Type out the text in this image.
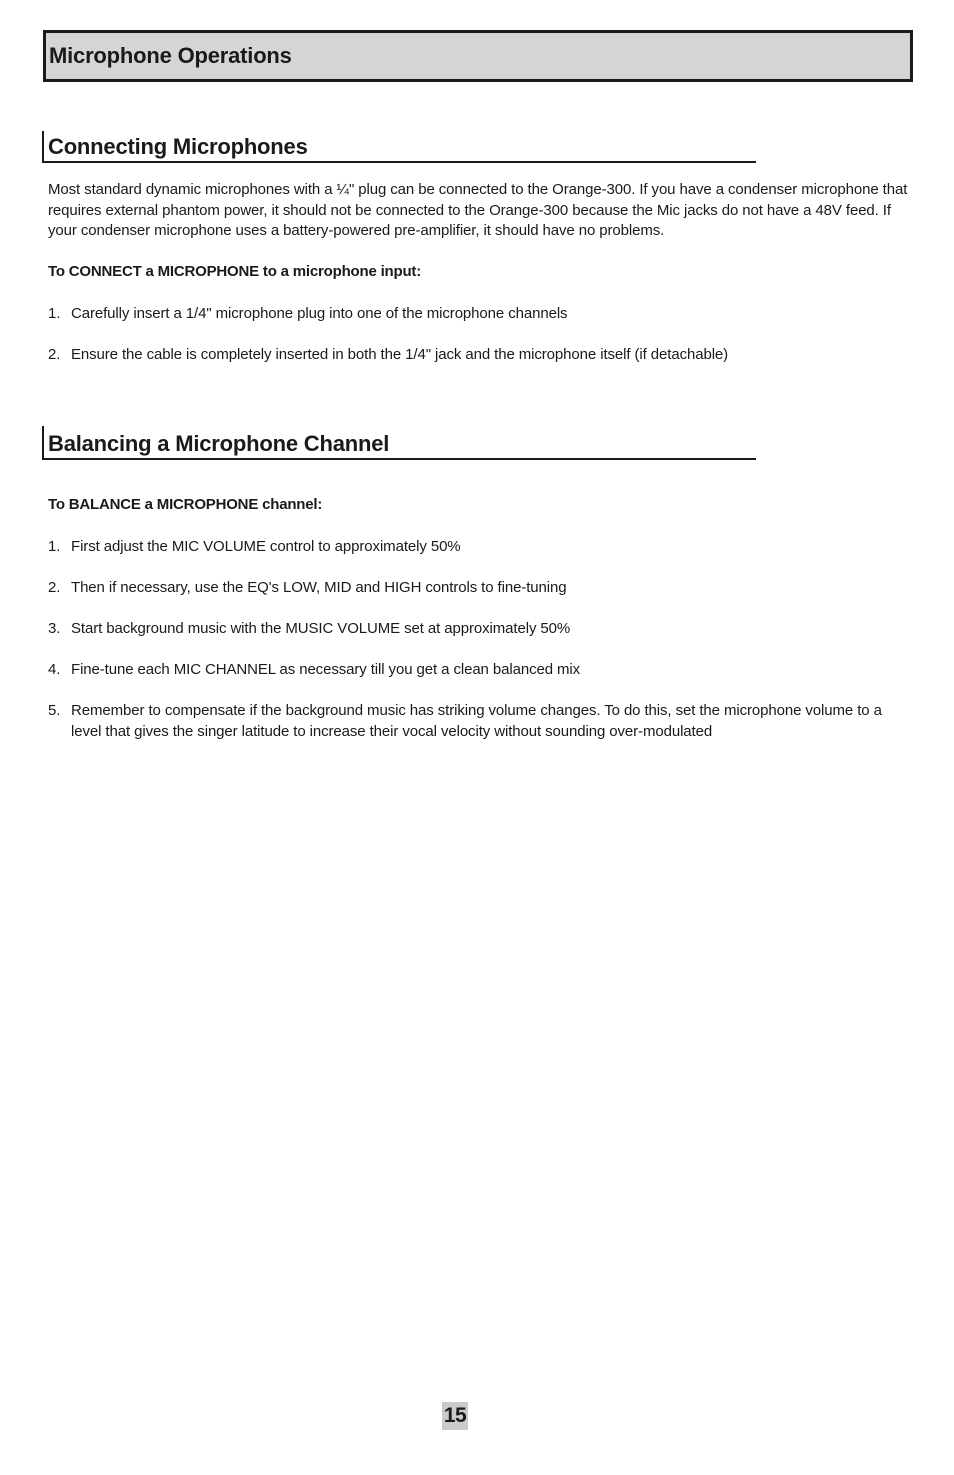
Microphone Operations
Connecting Microphones
Most standard dynamic microphones with a ¼" plug can be connected to the Orange-300. If you have a condenser microphone that requires external phantom power, it should not be connected to the Orange-300 because the Mic jacks do not have a 48V feed. If your condenser microphone uses a battery-powered pre-amplifier, it should have no problems.
To CONNECT a MICROPHONE to a microphone input:
1. Carefully insert a 1/4" microphone plug into one of the microphone channels
2. Ensure the cable is completely inserted in both the 1/4" jack and the microphone itself (if detachable)
Balancing a Microphone Channel
To BALANCE a MICROPHONE channel:
1. First adjust the MIC VOLUME control to approximately 50%
2. Then if necessary, use the EQ's LOW, MID and HIGH controls to fine-tuning
3. Start background music with the MUSIC VOLUME set at approximately 50%
4. Fine-tune each MIC CHANNEL as necessary till you get a clean balanced mix
5. Remember to compensate if the background music has striking volume changes. To do this, set the microphone volume to a level that gives the singer latitude to increase their vocal velocity without sounding over-modulated
15
